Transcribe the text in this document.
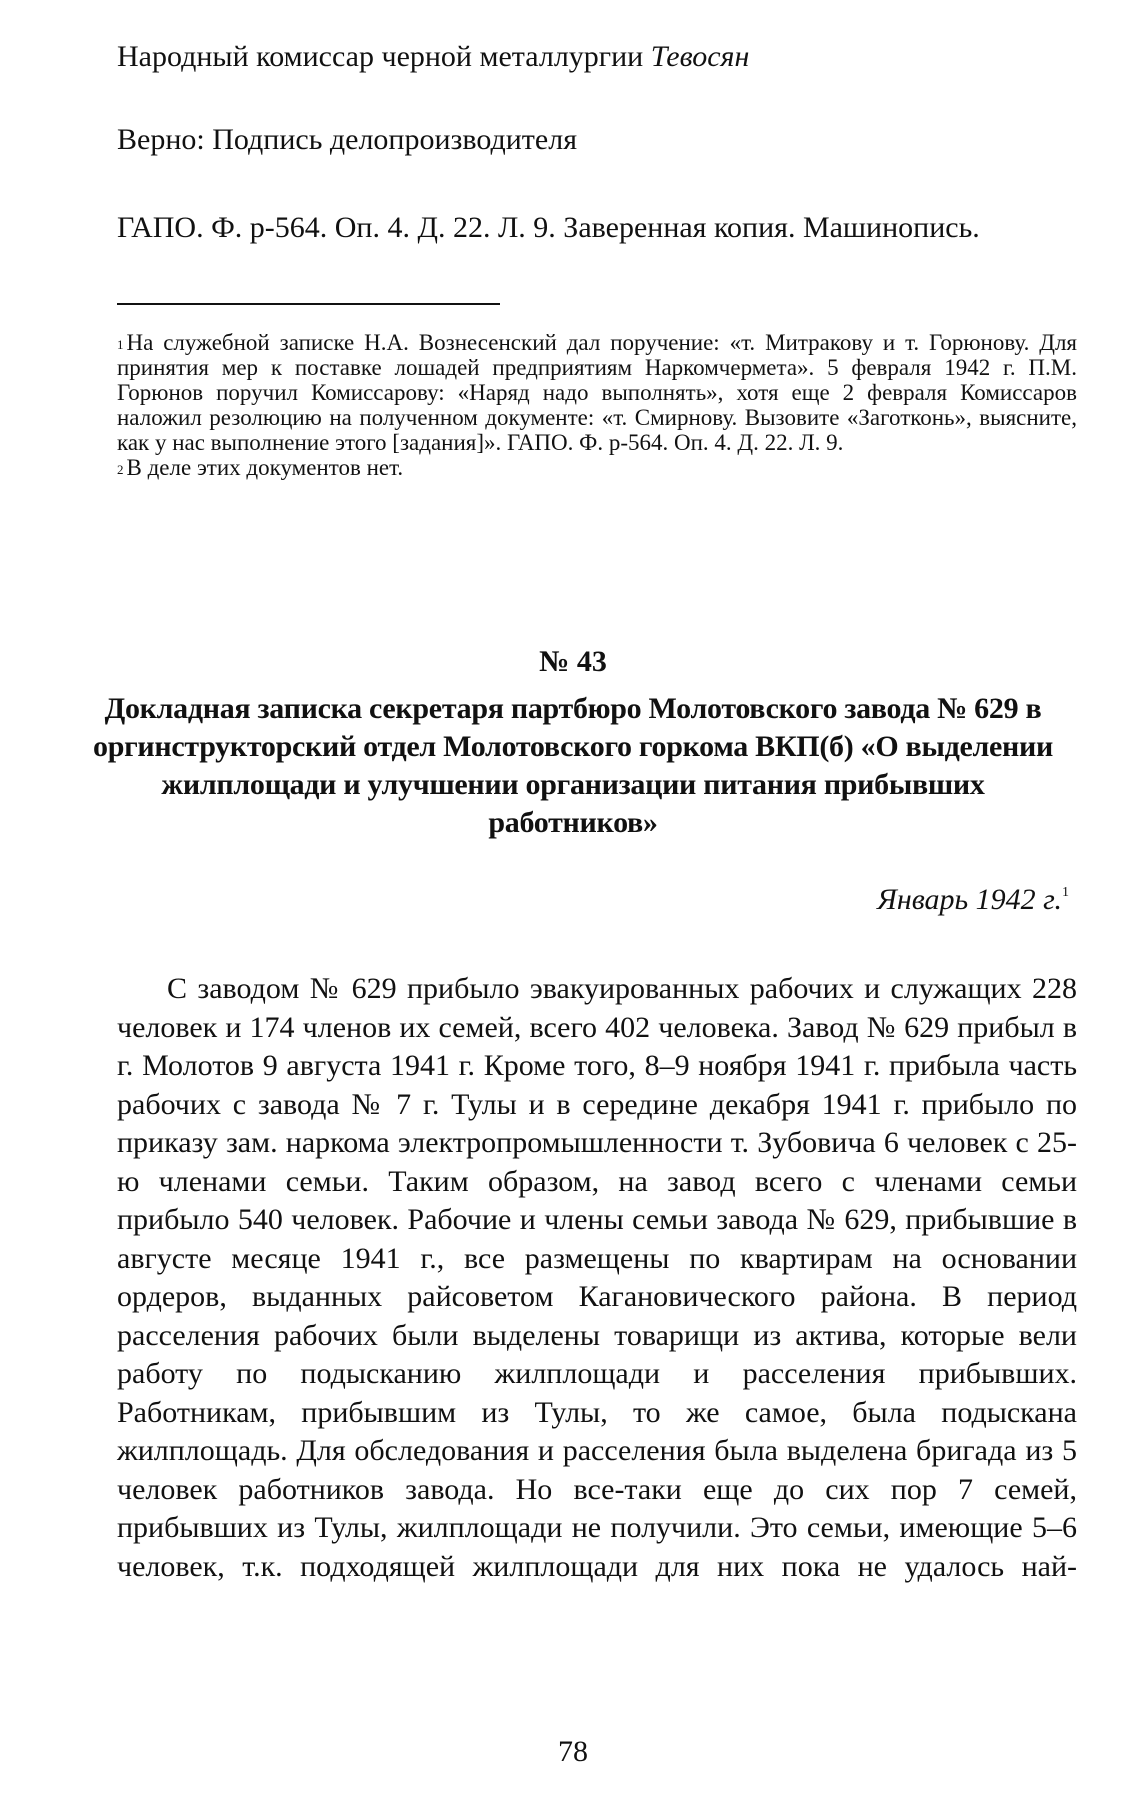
Народный комиссар черной металлургии Тевосян
Верно: Подпись делопроизводителя
ГАПО. Ф. р-564. Оп. 4. Д. 22. Л. 9. Заверенная копия. Машинопись.
$^1$ На служебной записке Н.А. Вознесенский дал поручение: «т. Митракову и т. Горюнову. Для принятия мер к поставке лошадей предприятиям Наркомчермета». 5 февраля 1942 г. П.М. Горюнов поручил Комиссарову: «Наряд надо выполнять», хотя еще 2 февраля Комиссаров наложил резолюцию на полученном документе: «т. Смирнову. Вызовите «Заготконь», выясните, как у нас выполнение этого [задания]». ГАПО. Ф. р-564. Оп. 4. Д. 22. Л. 9.
$^2$ В деле этих документов нет.
№ 43
Докладная записка секретаря партбюро Молотовского завода № 629 в оргинструкторский отдел Молотовского горкома ВКП(б) «О выделении жилплощади и улучшении организации питания прибывших работников»
Январь 1942 г.$^1$
С заводом № 629 прибыло эвакуированных рабочих и служащих 228 человек и 174 членов их семей, всего 402 человека. Завод № 629 прибыл в г. Молотов 9 августа 1941 г. Кроме того, 8–9 ноября 1941 г. прибыла часть рабочих с завода № 7 г. Тулы и в середине декабря 1941 г. прибыло по приказу зам. наркома электропромышленности т. Зубовича 6 человек с 25-ю членами семьи. Таким образом, на завод всего с членами семьи прибыло 540 человек. Рабочие и члены семьи завода № 629, прибывшие в августе месяце 1941 г., все размещены по квартирам на основании ордеров, выданных райсоветом Кагановического района. В период расселения рабочих были выделены товарищи из актива, которые вели работу по подысканию жилплощади и расселения прибывших. Работникам, прибывшим из Тулы, то же самое, была подыскана жилплощадь. Для обследования и расселения была выделена бригада из 5 человек работников завода. Но все-таки еще до сих пор 7 семей, прибывших из Тулы, жилплощади не получили. Это семьи, имеющие 5–6 человек, т.к. подходящей жилплощади для них пока не удалось най-
78
